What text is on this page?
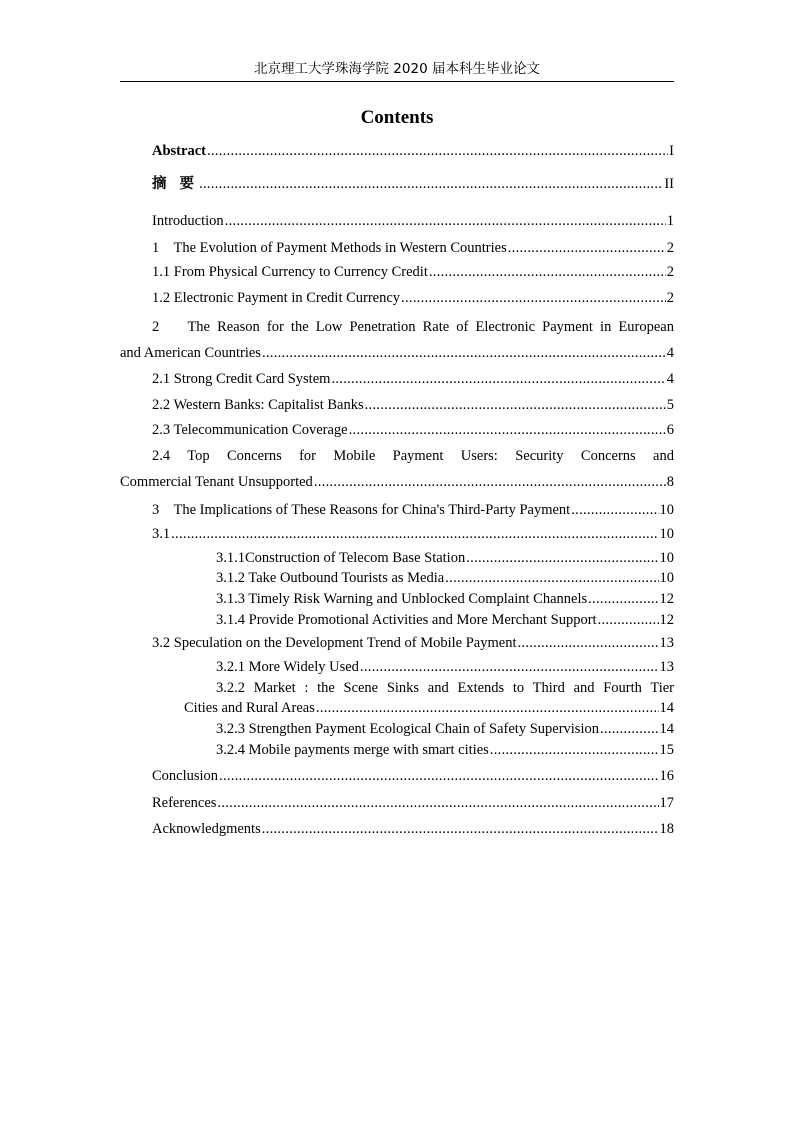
北京理工大学珠海学院 2020 届本科生毕业论文
Contents
Abstract .....	I
摘 要 .....	II
Introduction .....	1
1    The Evolution of Payment Methods in Western Countries .....	2
1.1 From Physical Currency to Currency Credit .....	2
1.2 Electronic Payment in Credit Currency .....	2
2    The Reason for the Low Penetration Rate of Electronic Payment in European
and American Countries .....	4
2.1 Strong Credit Card System .....	4
2.2 Western Banks: Capitalist Banks .....	5
2.3 Telecommunication Coverage .....	6
2.4  Top  Concerns  for  Mobile  Payment  Users:  Security  Concerns  and
Commercial Tenant Unsupported .....	8
3    The Implications of These Reasons for China's Third-Party Payment .....	10
3.1 .....	10
3.1.1Construction of Telecom Base Station .....	10
3.1.2 Take Outbound Tourists as Media .....	10
3.1.3 Timely Risk Warning and Unblocked Complaint Channels .....	12
3.1.4 Provide Promotional Activities and More Merchant Support .....	12
3.2 Speculation on the Development Trend of Mobile Payment .....	13
3.2.1 More Widely Used .....	13
3.2.2  Market  :  the  Scene  Sinks  and  Extends  to  Third  and  Fourth  Tier
Cities and Rural Areas .....	14
3.2.3 Strengthen Payment Ecological Chain of Safety Supervision .....	14
3.2.4 Mobile payments merge with smart cities .....	15
Conclusion .....	16
References .....	17
Acknowledgments .....	18
